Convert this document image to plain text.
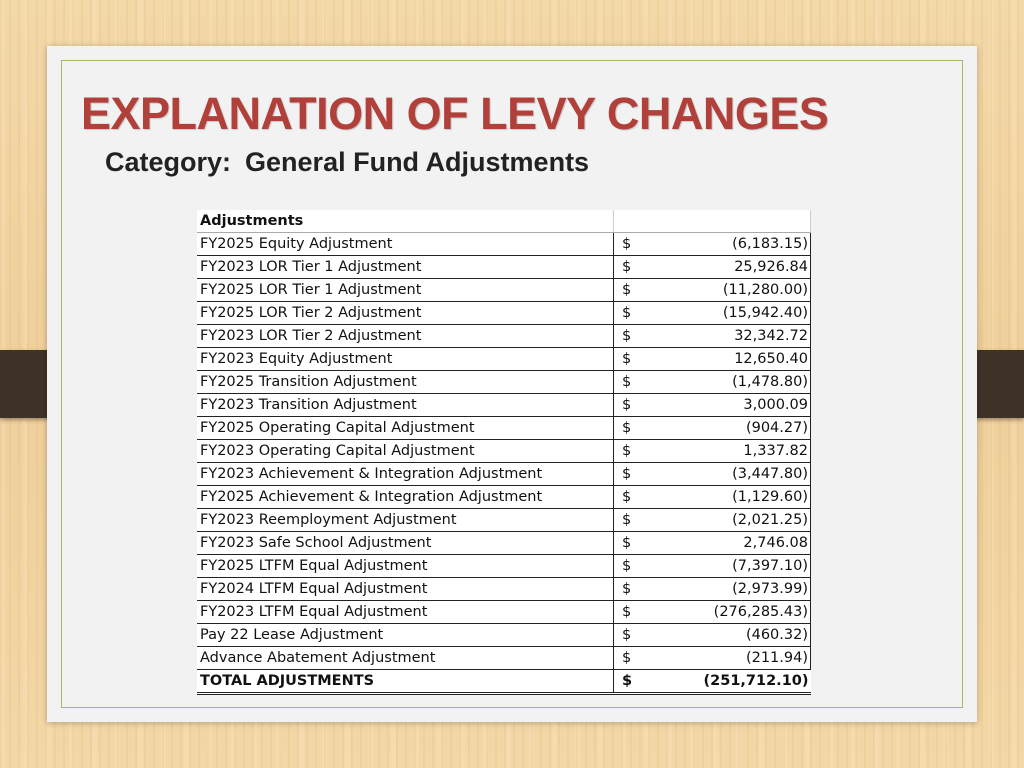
EXPLANATION OF LEVY CHANGES
Category: General Fund Adjustments
Adjustments		
FY2025 Equity Adjustment	$	(6,183.15)
FY2023 LOR Tier 1 Adjustment	$	25,926.84
FY2025 LOR Tier 1 Adjustment	$	(11,280.00)
FY2025 LOR Tier 2 Adjustment	$	(15,942.40)
FY2023 LOR Tier 2 Adjustment	$	32,342.72
FY2023 Equity Adjustment	$	12,650.40
FY2025 Transition Adjustment	$	(1,478.80)
FY2023 Transition Adjustment	$	3,000.09
FY2025 Operating Capital Adjustment	$	(904.27)
FY2023 Operating Capital Adjustment	$	1,337.82
FY2023 Achievement & Integration Adjustment	$	(3,447.80)
FY2025 Achievement & Integration Adjustment	$	(1,129.60)
FY2023 Reemployment Adjustment	$	(2,021.25)
FY2023 Safe School Adjustment	$	2,746.08
FY2025 LTFM Equal Adjustment	$	(7,397.10)
FY2024 LTFM Equal Adjustment	$	(2,973.99)
FY2023 LTFM Equal Adjustment	$	(276,285.43)
Pay 22 Lease Adjustment	$	(460.32)
Advance Abatement Adjustment	$	(211.94)
TOTAL ADJUSTMENTS	$	(251,712.10)
